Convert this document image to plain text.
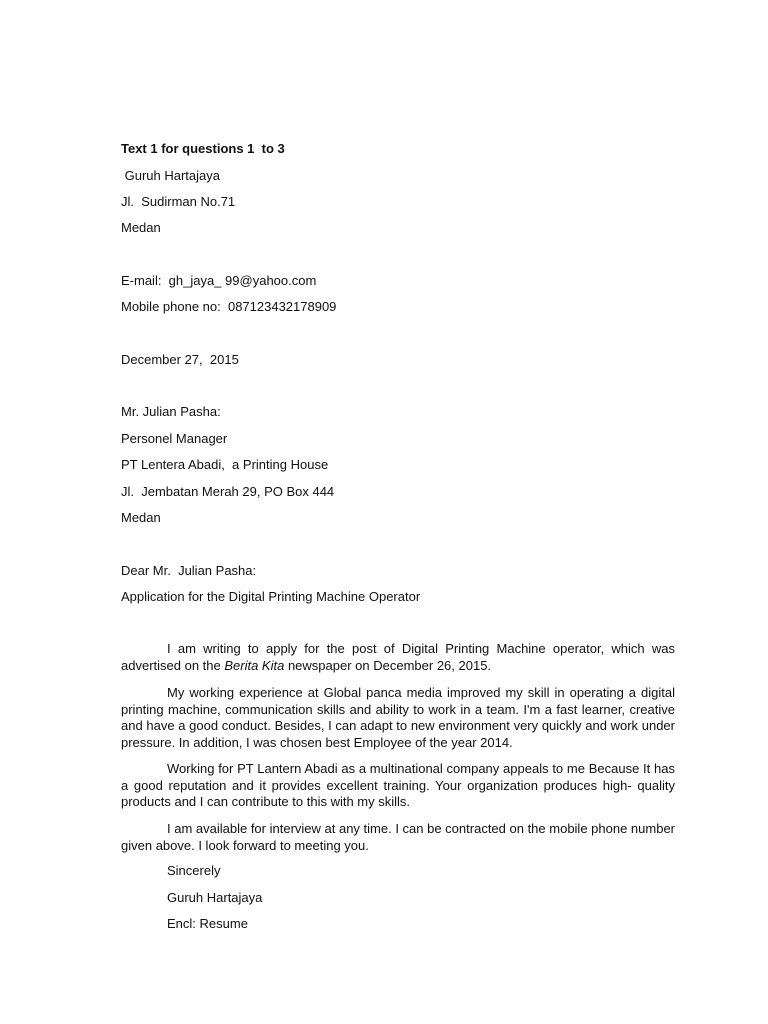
Text 1 for questions 1  to 3
Guruh Hartajaya
Jl.  Sudirman No.71
Medan
E-mail:  gh_jaya_ 99@yahoo.com
Mobile phone no:  087123432178909
December 27,  2015
Mr. Julian Pasha:
Personel Manager
PT Lentera Abadi,  a Printing House
Jl.  Jembatan Merah 29, PO Box 444
Medan
Dear Mr.  Julian Pasha:
Application for the Digital Printing Machine Operator

I am writing to apply for the post of Digital Printing Machine operator, which was advertised on the Berita Kita newspaper on December 26, 2015.

My working experience at Global panca media improved my skill in operating a digital printing machine, communication skills and ability to work in a team. I'm a fast learner, creative and have a good conduct. Besides, I can adapt to new environment very quickly and work under pressure. In addition, I was chosen best Employee of the year 2014.

Working for PT Lantern Abadi as a multinational company appeals to me Because It has a good reputation and it provides excellent training. Your organization produces high- quality products and I can contribute to this with my skills.

I am available for interview at any time. I can be contracted on the mobile phone number given above. I look forward to meeting you.

Sincerely
Guruh Hartajaya
Encl: Resume
